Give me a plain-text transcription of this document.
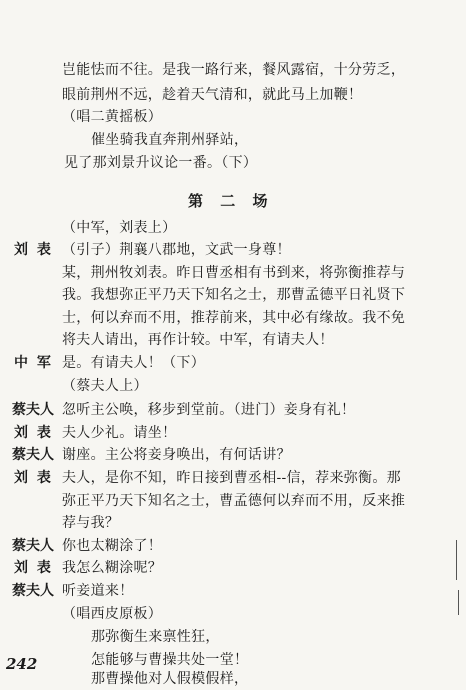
岂能怯而不往。是我一路行来，餐风露宿，十分劳乏，
眼前荆州不远，趁着天气清和，就此马上加鞭！
（唱二黄摇板）
催坐骑我直奔荆州驿站，
见了那刘景升议论一番。（下）
第 二 场
（中军，刘表上）
刘 表 （引子）荆襄八郡地，文武一身尊！
某，荆州牧刘表。昨日曹丞相有书到来，将弥衡推荐与
我。我想弥正平乃天下知名之士，那曹孟德平日礼贤下
士，何以弃而不用，推荐前来，其中必有缘故。我不免
将夫人请出，再作计较。中军，有请夫人！
中 军 是。有请夫人！（下）
（蔡夫人上）
蔡夫人 忽听主公唤，移步到堂前。（进门）妾身有礼！
刘 表 夫人少礼。请坐！
蔡夫人 谢座。主公将妾身唤出，有何话讲？
刘 表 夫人，是你不知，昨日接到曹丞相--信，荐来弥衡。那
弥正平乃天下知名之士，曹孟德何以弃而不用，反来推
荐与我？
蔡夫人 你也太糊涂了！
刘 表 我怎么糊涂呢？
蔡夫人 听妾道来！
（唱西皮原板）
那弥衡生来禀性狂，
怎能够与曹操共处一堂！
那曹操他对人假模假样，
242
